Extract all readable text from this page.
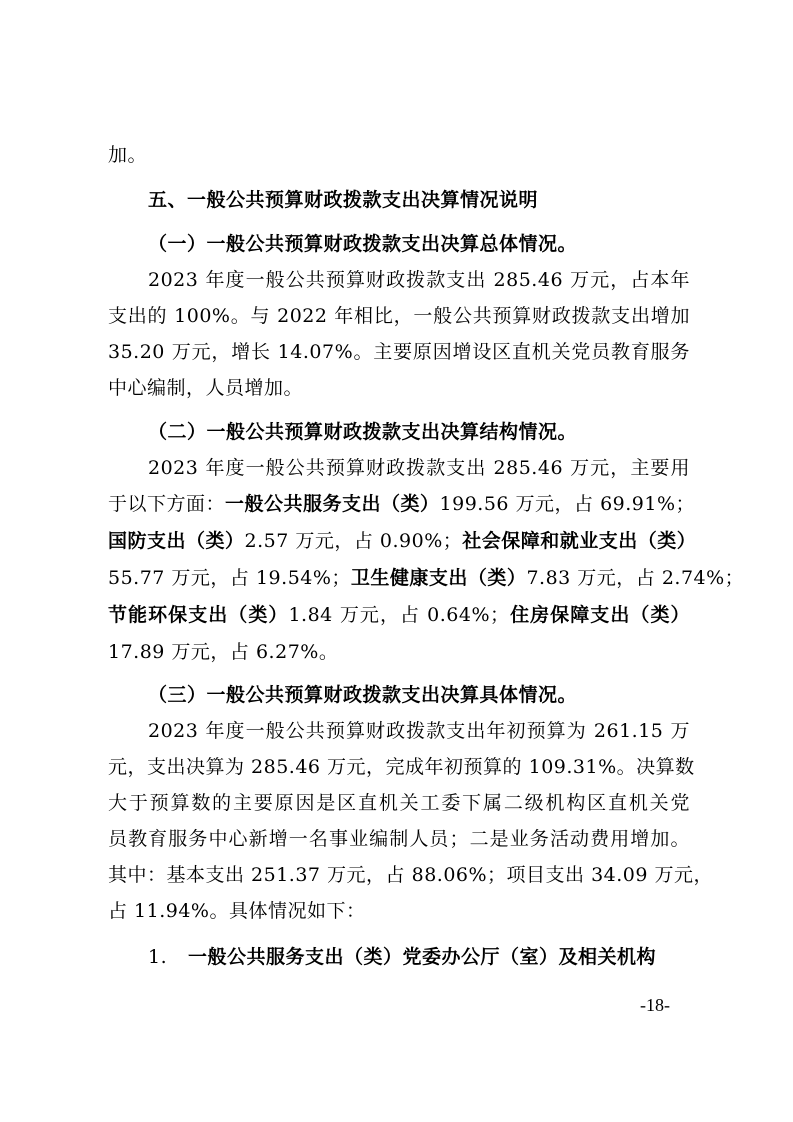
加。
五、一般公共预算财政拨款支出决算情况说明
（一）一般公共预算财政拨款支出决算总体情况。
2023 年度一般公共预算财政拨款支出 285.46 万元，占本年
支出的 100%。与 2022 年相比，一般公共预算财政拨款支出增加
35.20 万元，增长 14.07%。主要原因增设区直机关党员教育服务
中心编制，人员增加。
（二）一般公共预算财政拨款支出决算结构情况。
2023 年度一般公共预算财政拨款支出 285.46 万元，主要用
于以下方面：一般公共服务支出（类）199.56 万元，占 69.91%；
国防支出（类）2.57 万元，占 0.90%；社会保障和就业支出（类）
55.77 万元，占 19.54%；卫生健康支出（类）7.83 万元，占 2.74%；
节能环保支出（类）1.84 万元，占 0.64%；住房保障支出（类）
17.89 万元，占 6.27%。
（三）一般公共预算财政拨款支出决算具体情况。
2023 年度一般公共预算财政拨款支出年初预算为 261.15 万
元，支出决算为 285.46 万元，完成年初预算的 109.31%。决算数
大于预算数的主要原因是区直机关工委下属二级机构区直机关党
员教育服务中心新增一名事业编制人员；二是业务活动费用增加。
其中：基本支出 251.37 万元，占 88.06%；项目支出 34.09 万元，
占 11.94%。具体情况如下：
1. 一般公共服务支出（类）党委办公厅（室）及相关机构
-18-
